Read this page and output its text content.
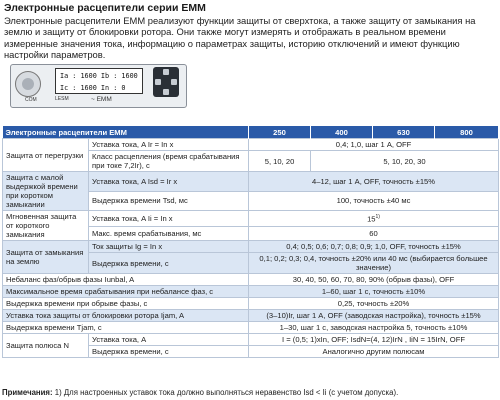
Электронные расцепители серии EMM
Электронные расцепители EMM реализуют функции защиты от сверхтока, а также защиту от замыкания на землю и защиту от блокировки ротора. Они также могут измерять и отображать в реальном времени измеренные значения тока, информацию о параметрах защиты, историю отключений и имеют функцию настройки параметров.
Ia : 1600 Ib : 1600
Ic : 1600 In : 0
COM	LESM	~ EMM
Электронные расцепители EMM		250	400	630	800
Защита от перегрузки	Уставка тока, A Ir = In x	0,4; 1,0, шаг 1 A, OFF			
	Класс расцепления (время срабатывания при токе 7,2Ir), с	5, 10, 20	5, 10, 20, 30		
Защита с малой выдержкой времени при коротком замыкании	Уставка тока, A Isd = Ir x	4–12, шаг 1 A, OFF, точность ±15%			
	Выдержка времени Tsd, мс	100, точность ±40 мс			
Мгновенная защита от короткого замыкания	Уставка тока, A Ii = In x	15$^{1)}$
	Макс. время срабатывания, мс	60			
Защита от замыкания на землю	Ток защиты Ig = In x	0,4; 0,5; 0,6; 0,7; 0,8; 0,9; 1,0, OFF, точность ±15%			
	Выдержка времени, с	0,1; 0,2; 0,3; 0,4, точность ±20% или 40 мс (выбирается большее значение)			
Небаланс фаз/обрыв фазы Iunbal, A		30, 40, 50, 60, 70, 80, 90% (обрыв фазы), OFF			
Максимальное время срабатывания при небалансе фаз, с		1–60, шаг 1 с, точность ±10%			
Выдержка времени при обрыве фазы, с		0,25, точность ±20%			
Уставка тока защиты от блокировки ротора Ijam, A		(3–10)Ir, шаг 1 A, OFF (заводская настройка), точность ±15%			
Выдержка времени Tjam, с		1–30, шаг 1 с, заводская настройка 5, точность ±10%			
Защита полюса N	Уставка тока, A	I = (0,5; 1)xIn, OFF; IsdN=(4, 12)IrN , IiN = 15IrN, OFF			
	Выдержка времени, с	Аналогично другим полюсам			
Примечания: 1) Для настроенных уставок тока должно выполняться неравенство Isd < Ii (с учетом допуска).
